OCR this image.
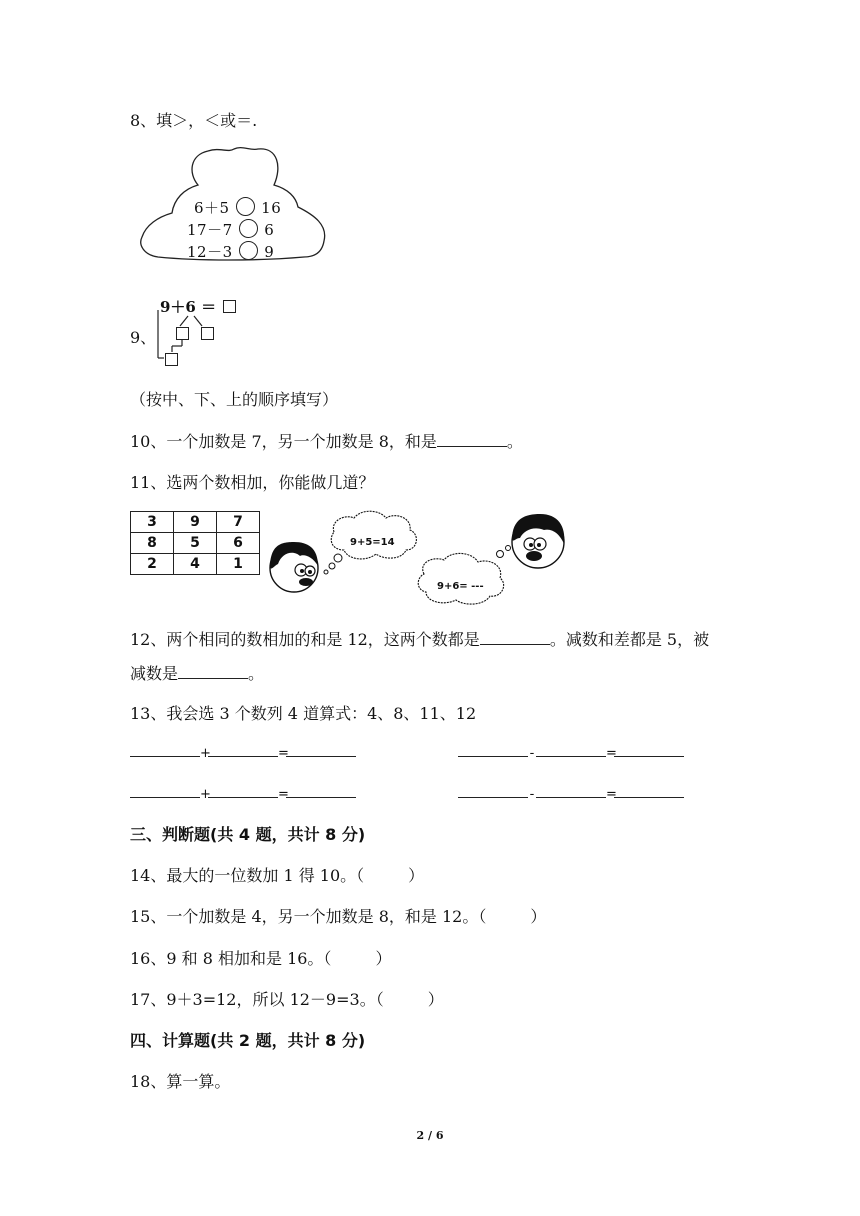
8、填＞，＜或＝.
6＋5 16
17－7 6
12－3 9
9、
9＋6 ＝
（按中、下、上的顺序填写）
10、一个加数是 7，另一个加数是 8，和是	。
11、选两个数相加，你能做几道？
3	9	7
8	5	6
2	4	1
9+5=14
9+6= ---
12、两个相同的数相加的和是 12，这两个数都是	。减数和差都是 5，被
减数是	。
13、我会选 3 个数列 4 道算式：4、8、11、12
+	=	-	=
+	=	-	=
三、判断题(共 4 题，共计 8 分)
14、最大的一位数加 1 得 10。（	）
15、一个加数是 4，另一个加数是 8，和是 12。（	）
16、9 和 8 相加和是 16。（	）
17、9＋3=12，所以 12－9=3。（	）
四、计算题(共 2 题，共计 8 分)
18、算一算。
2 / 6
